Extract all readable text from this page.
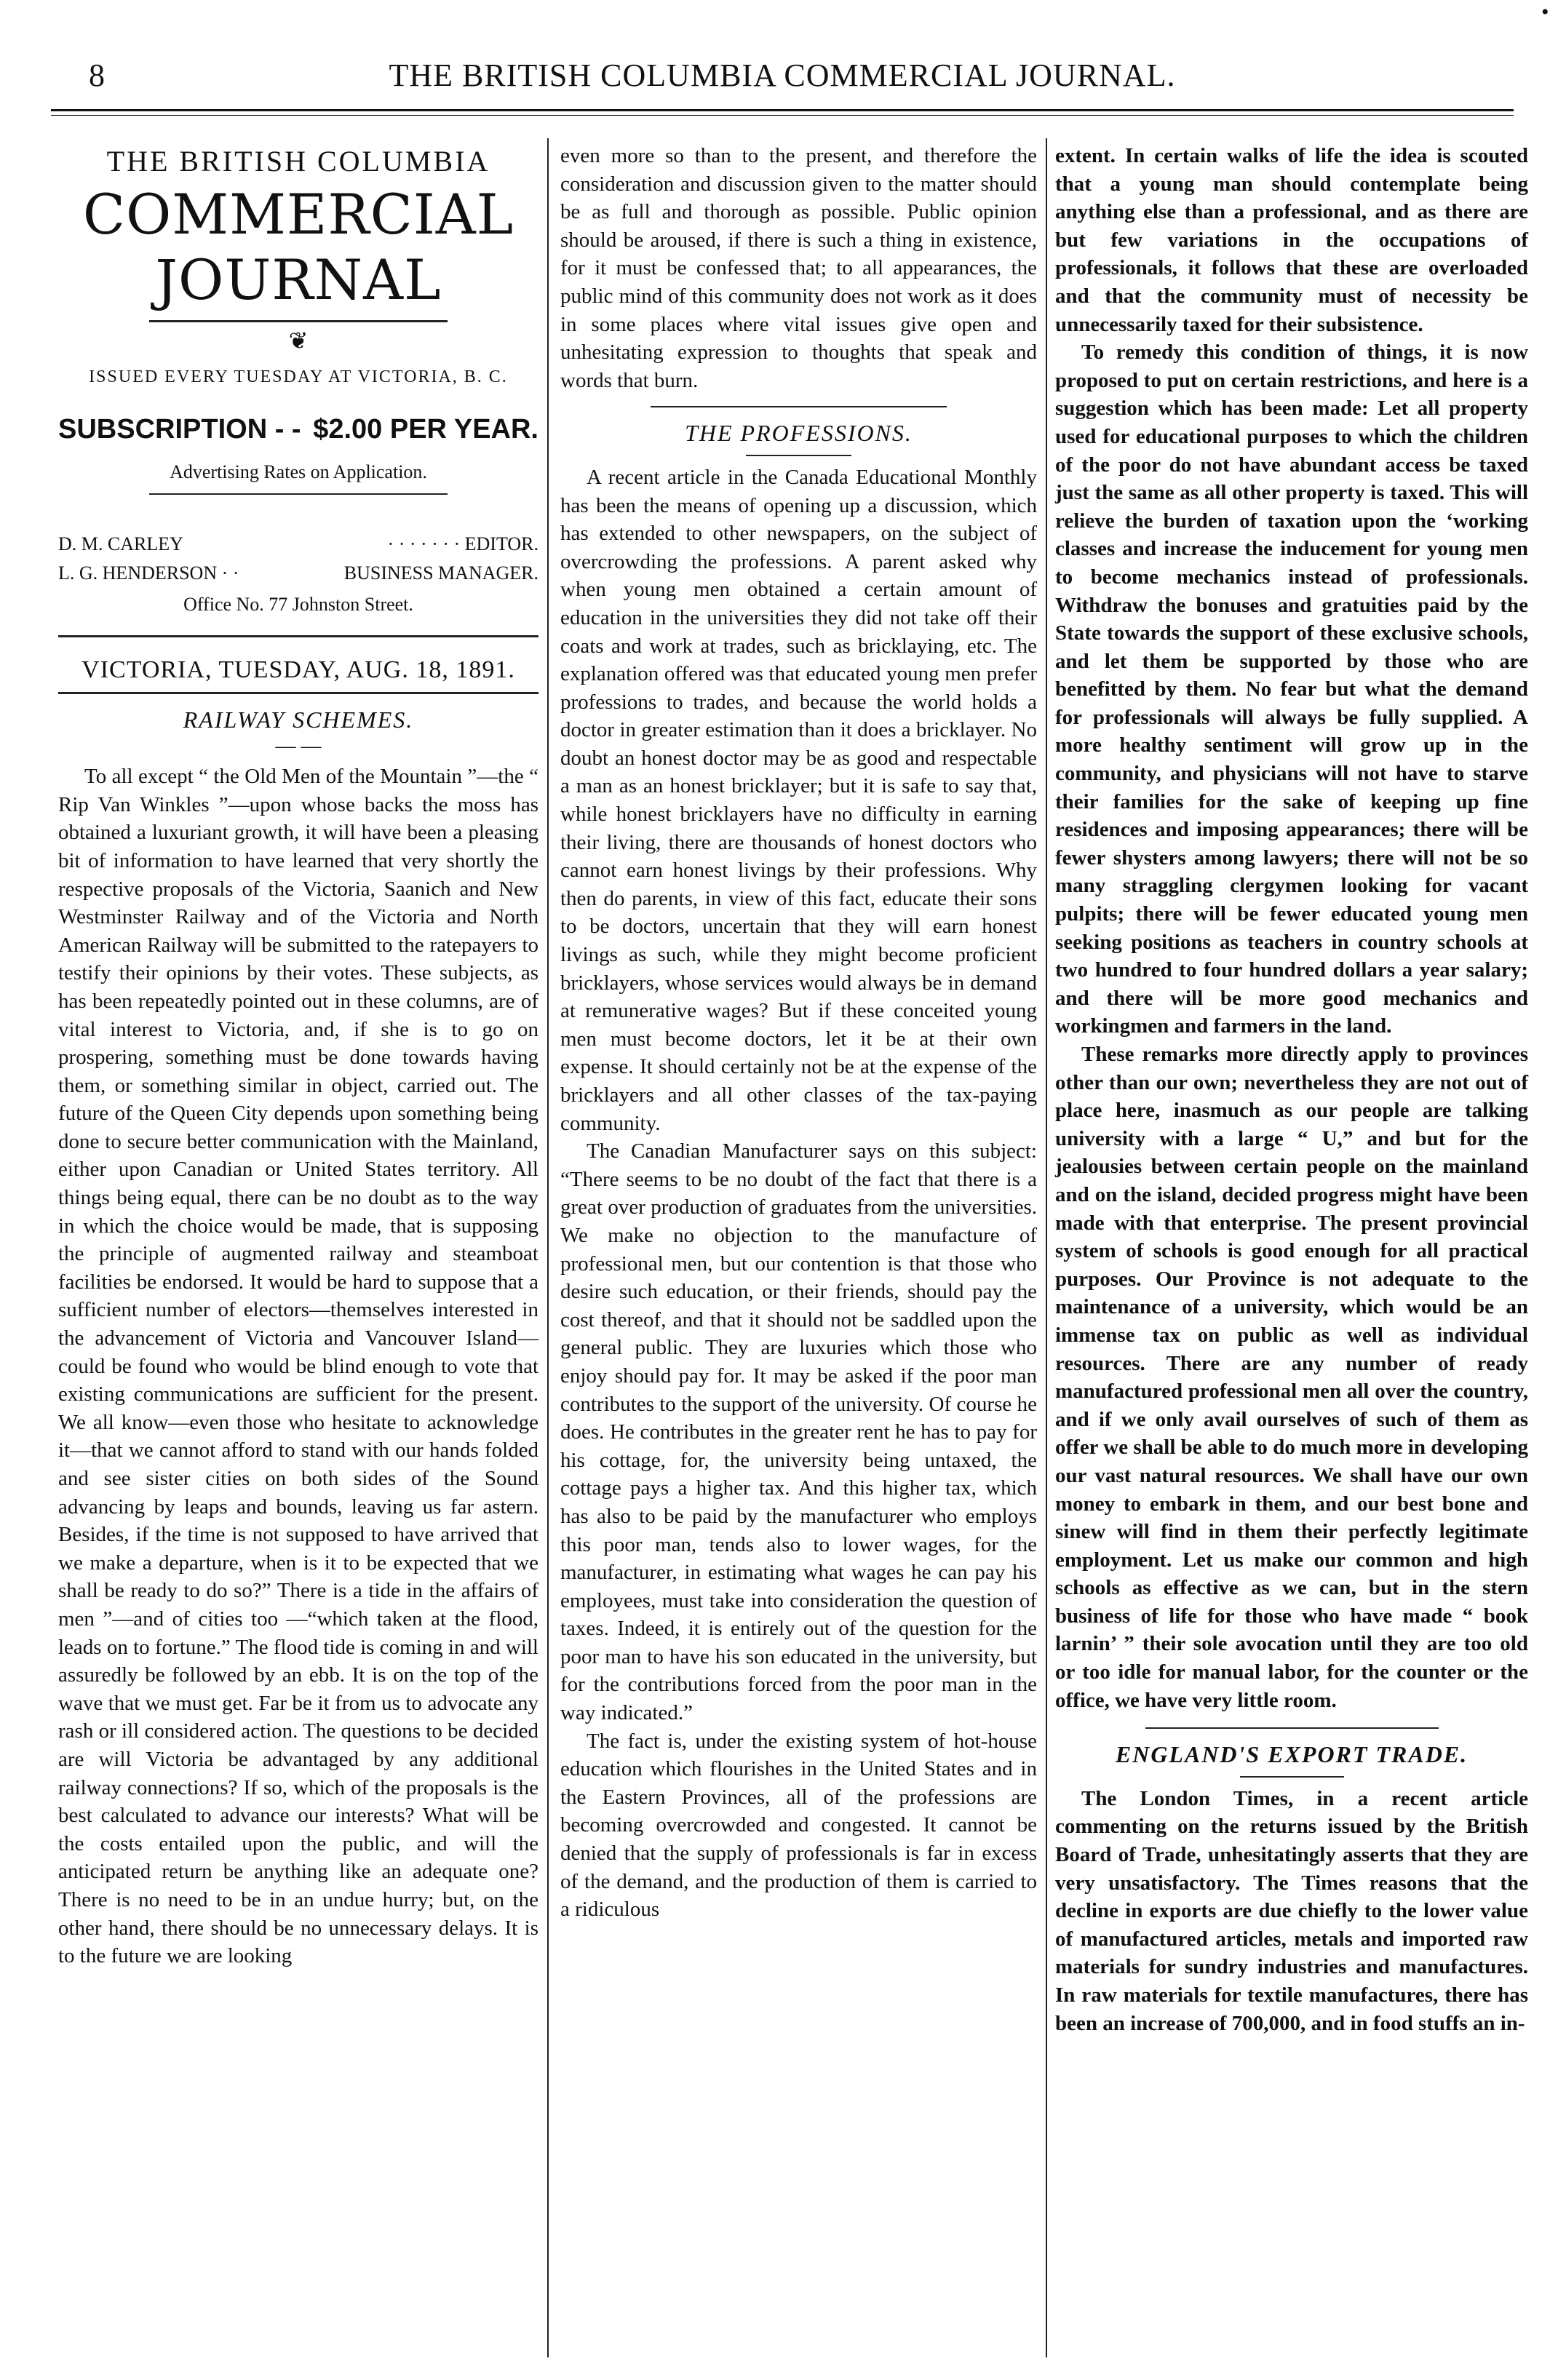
8	THE BRITISH COLUMBIA COMMERCIAL JOURNAL.
THE BRITISH COLUMBIA
COMMERCIAL JOURNAL
❦
ISSUED EVERY TUESDAY AT VICTORIA, B. C.
SUBSCRIPTION - - $2.00 PER YEAR.
Advertising Rates on Application.
D. M. CARLEY	· · · · · · · EDITOR.
L. G. HENDERSON · ·	BUSINESS MANAGER.
Office No. 77 Johnston Street.
VICTORIA, TUESDAY, AUG. 18, 1891.
RAILWAY SCHEMES.
— —

To all except “ the Old Men of the Mountain ”—the “ Rip Van Winkles ”—upon whose backs the moss has obtained a luxuriant growth, it will have been a pleasing bit of information to have learned that very shortly the respective proposals of the Victoria, Saanich and New Westminster Railway and of the Victoria and North American Railway will be submitted to the ratepayers to testify their opinions by their votes. These subjects, as has been repeatedly pointed out in these columns, are of vital interest to Victoria, and, if she is to go on prospering, something must be done towards having them, or something similar in object, carried out. The future of the Queen City depends upon something being done to secure better communication with the Mainland, either upon Canadian or United States territory. All things being equal, there can be no doubt as to the way in which the choice would be made, that is supposing the principle of augmented railway and steamboat facilities be endorsed. It would be hard to suppose that a sufficient number of electors—themselves interested in the advancement of Victoria and Vancouver Island—could be found who would be blind enough to vote that existing communications are sufficient for the present. We all know—even those who hesitate to acknowledge it—that we cannot afford to stand with our hands folded and see sister cities on both sides of the Sound advancing by leaps and bounds, leaving us far astern. Besides, if the time is not supposed to have arrived that we make a departure, when is it to be expected that we shall be ready to do so?” There is a tide in the affairs of men ”—and of cities too —“which taken at the flood, leads on to fortune.” The flood tide is coming in and will assuredly be followed by an ebb. It is on the top of the wave that we must get. Far be it from us to advocate any rash or ill considered action. The questions to be decided are will Victoria be advantaged by any additional railway connections? If so, which of the proposals is the best calculated to advance our interests? What will be the costs entailed upon the public, and will the anticipated return be anything like an adequate one? There is no need to be in an undue hurry; but, on the other hand, there should be no unnecessary delays. It is to the future we are looking

even more so than to the present, and therefore the consideration and discussion given to the matter should be as full and thorough as possible. Public opinion should be aroused, if there is such a thing in existence, for it must be confessed that; to all appearances, the public mind of this community does not work as it does in some places where vital issues give open and unhesitating expression to thoughts that speak and words that burn.

THE PROFESSIONS.

A recent article in the Canada Educational Monthly has been the means of opening up a discussion, which has extended to other newspapers, on the subject of overcrowding the professions. A parent asked why when young men obtained a certain amount of education in the universities they did not take off their coats and work at trades, such as bricklaying, etc. The explanation offered was that educated young men prefer professions to trades, and because the world holds a doctor in greater estimation than it does a bricklayer. No doubt an honest doctor may be as good and respectable a man as an honest bricklayer; but it is safe to say that, while honest bricklayers have no difficulty in earning their living, there are thousands of honest doctors who cannot earn honest livings by their professions. Why then do parents, in view of this fact, educate their sons to be doctors, uncertain that they will earn honest livings as such, while they might become proficient bricklayers, whose services would always be in demand at remunerative wages? But if these conceited young men must become doctors, let it be at their own expense. It should certainly not be at the expense of the bricklayers and all other classes of the tax-paying community.

The Canadian Manufacturer says on this subject: “There seems to be no doubt of the fact that there is a great over production of graduates from the universities. We make no objection to the manufacture of professional men, but our contention is that those who desire such education, or their friends, should pay the cost thereof, and that it should not be saddled upon the general public. They are luxuries which those who enjoy should pay for. It may be asked if the poor man contributes to the support of the university. Of course he does. He contributes in the greater rent he has to pay for his cottage, for, the university being untaxed, the cottage pays a higher tax. And this higher tax, which has also to be paid by the manufacturer who employs this poor man, tends also to lower wages, for the manufacturer, in estimating what wages he can pay his employees, must take into consideration the question of taxes. Indeed, it is entirely out of the question for the poor man to have his son educated in the university, but for the contributions forced from the poor man in the way indicated.”

The fact is, under the existing system of hot-house education which flourishes in the United States and in the Eastern Provinces, all of the professions are becoming overcrowded and congested. It cannot be denied that the supply of professionals is far in excess of the demand, and the production of them is carried to a ridiculous

extent. In certain walks of life the idea is scouted that a young man should contemplate being anything else than a professional, and as there are but few variations in the occupations of professionals, it follows that these are overloaded and that the community must of necessity be unnecessarily taxed for their subsistence.

To remedy this condition of things, it is now proposed to put on certain restrictions, and here is a suggestion which has been made: Let all property used for educational purposes to which the children of the poor do not have abundant access be taxed just the same as all other property is taxed. This will relieve the burden of taxation upon the ‘working classes and increase the inducement for young men to become mechanics instead of professionals. Withdraw the bonuses and gratuities paid by the State towards the support of these exclusive schools, and let them be supported by those who are benefitted by them. No fear but what the demand for professionals will always be fully supplied. A more healthy sentiment will grow up in the community, and physicians will not have to starve their families for the sake of keeping up fine residences and imposing appearances; there will be fewer shysters among lawyers; there will not be so many straggling clergymen looking for vacant pulpits; there will be fewer educated young men seeking positions as teachers in country schools at two hundred to four hundred dollars a year salary; and there will be more good mechanics and workingmen and farmers in the land.

These remarks more directly apply to provinces other than our own; nevertheless they are not out of place here, inasmuch as our people are talking university with a large “ U,” and but for the jealousies between certain people on the mainland and on the island, decided progress might have been made with that enterprise. The present provincial system of schools is good enough for all practical purposes. Our Province is not adequate to the maintenance of a university, which would be an immense tax on public as well as individual resources. There are any number of ready manufactured professional men all over the country, and if we only avail ourselves of such of them as offer we shall be able to do much more in developing our vast natural resources. We shall have our own money to embark in them, and our best bone and sinew will find in them their perfectly legitimate employment. Let us make our common and high schools as effective as we can, but in the stern business of life for those who have made “ book larnin’ ” their sole avocation until they are too old or too idle for manual labor, for the counter or the office, we have very little room.

ENGLAND'S EXPORT TRADE.

The London Times, in a recent article commenting on the returns issued by the British Board of Trade, unhesitatingly asserts that they are very unsatisfactory. The Times reasons that the decline in exports are due chiefly to the lower value of manufactured articles, metals and imported raw materials for sundry industries and manufactures. In raw materials for textile manufactures, there has been an increase of 700,000, and in food stuffs an in-

•
